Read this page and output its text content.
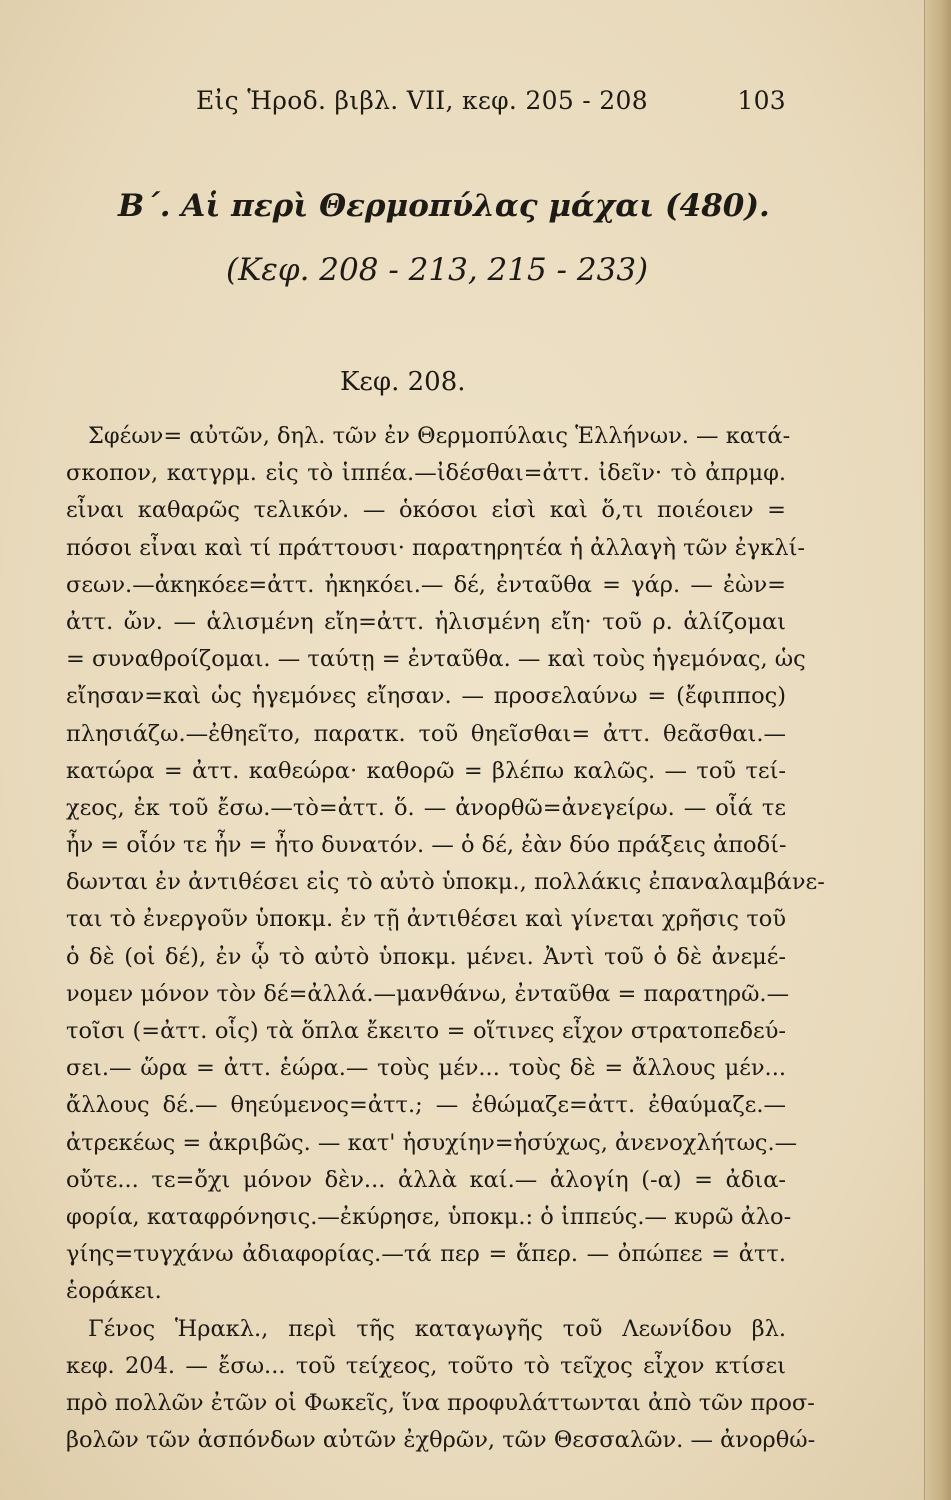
Εἰς Ἡροδ. βιβλ. VII, κεφ. 205 - 208	103
Β΄. Αἱ περὶ Θερμοπύλας μάχαι (480).
(Κεφ. 208 - 213, 215 - 233)
Κεφ. 208.
Σφέων= αὐτῶν, δηλ. τῶν ἐν Θερμοπύλαις Ἑλλήνων. — κατά-
σκοπον, κατγρμ. εἰς τὸ ἱππέα.—ἰδέσθαι=ἀττ. ἰδεῖν· τὸ ἀπρμφ.
εἶναι καθαρῶς τελικόν. — ὁκόσοι εἰσὶ καὶ ὅ,τι ποιέοιεν =
πόσοι εἶναι καὶ τί πράττουσι· παρατηρητέα ἡ ἀλλαγὴ τῶν ἐγκλί-
σεων.—ἀκηκόεε=ἀττ. ἠκηκόει.— δέ, ἐνταῦθα = γάρ. — ἐὼν=
ἀττ. ὤν. — ἁλισμένη εἴη=ἀττ. ἡλισμένη εἴη· τοῦ ρ. ἁλίζομαι
= συναθροίζομαι. — ταύτῃ = ἐνταῦθα. — καὶ τοὺς ἡγεμόνας, ὡς
εἴησαν=καὶ ὡς ἡγεμόνες εἴησαν. — προσελαύνω = (ἔφιππος)
πλησιάζω.—ἐθηεῖτο, παρατκ. τοῦ θηεῖσθαι= ἀττ. θεᾶσθαι.—
κατώρα = ἀττ. καθεώρα· καθορῶ = βλέπω καλῶς. — τοῦ τεί-
χεος, ἐκ τοῦ ἔσω.—τὸ=ἀττ. ὅ. — ἀνορθῶ=ἀνεγείρω. — οἷά τε
ἦν = οἷόν τε ἦν = ἦτο δυνατόν. — ὁ δέ, ἐὰν δύο πράξεις ἀποδί-
δωνται ἐν ἀντιθέσει εἰς τὸ αὐτὸ ὑποκμ., πολλάκις ἐπαναλαμβάνε-
ται τὸ ἐνεργοῦν ὑποκμ. ἐν τῇ ἀντιθέσει καὶ γίνεται χρῆσις τοῦ
ὁ δὲ (οἱ δέ), ἐν ᾧ τὸ αὐτὸ ὑποκμ. μένει. Ἀντὶ τοῦ ὁ δὲ ἀνεμέ-
νομεν μόνον τὸν δέ=ἀλλά.—μανθάνω, ἐνταῦθα = παρατηρῶ.—
τοῖσι (=ἀττ. οἷς) τὰ ὅπλα ἔκειτο = οἵτινες εἶχον στρατοπεδεύ-
σει.— ὥρα = ἀττ. ἑώρα.— τοὺς μέν... τοὺς δὲ = ἄλλους μέν...
ἄλλους δέ.— θηεύμενος=ἀττ.; — ἐθώμαζε=ἀττ. ἐθαύμαζε.—
ἀτρεκέως = ἀκριβῶς. — κατ' ἡσυχίην=ἡσύχως, ἀνενοχλήτως.—
οὔτε... τε=ὄχι μόνον δὲν... ἀλλὰ καί.— ἀλογίη (-α) = ἀδια-
φορία, καταφρόνησις.—ἐκύρησε, ὑποκμ.: ὁ ἱππεύς.— κυρῶ ἀλο-
γίης=τυγχάνω ἀδιαφορίας.—τά περ = ἅπερ. — ὀπώπεε = ἀττ.
ἑοράκει.
Γένος Ἡρακλ., περὶ τῆς καταγωγῆς τοῦ Λεωνίδου βλ.
κεφ. 204. — ἔσω... τοῦ τείχεος, τοῦτο τὸ τεῖχος εἶχον κτίσει
πρὸ πολλῶν ἐτῶν οἱ Φωκεῖς, ἵνα προφυλάττωνται ἀπὸ τῶν προσ-
βολῶν τῶν ἀσπόνδων αὐτῶν ἐχθρῶν, τῶν Θεσσαλῶν. — ἀνορθώ-
